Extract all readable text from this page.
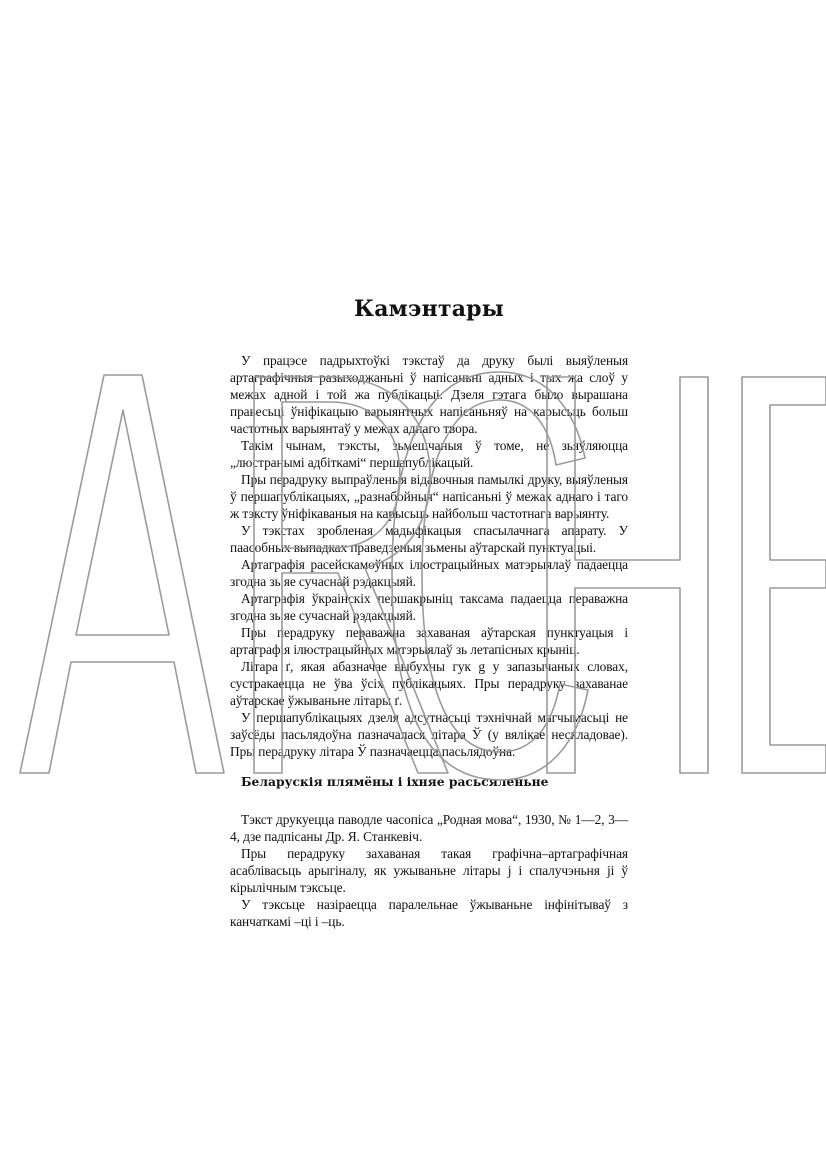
Камэнтары

У працэсе падрыхтоўкі тэкстаў да друку былі выяўленыя артаграфічныя разыходжаньні ў напісаньні адных і тых жа слоў у межах адной і той жа публікацыі. Дзеля гэтага было вырашана правесьці ўніфікацыю варыянтных напісаньняў на карысьць больш частотных варыянтаў у межах аднаго твора.

Такім чынам, тэксты, зьмешчаныя ў томе, не зьяўляюцца „люстранымі адбіткамі“ першапублікацый.

Пры перадруку выпраўленыя відавочныя памылкі друку, выяўленыя ў першапублікацыях, „разнабойныя“ напісаньні ў межах аднаго і таго ж тэксту ўніфікаваныя на карысьць найбольш частотнага варыянту.

У тэкстах зробленая мадыфікацыя спасылачнага апарату. У паасобных выпадках праведзеныя зьмены аўтарскай пунктуацыі.

Артаграфія расейскамоўных ілюстрацыйных матэрыялаў падаецца згодна зь яе сучаснай рэдакцыяй.

Артаграфія ўкраінскіх першакрыніц таксама падаецца пераважна згодна зь яе сучаснай рэдакцыяй.

Пры перадруку пераважна захаваная аўтарская пунктуацыя і артаграфія ілюстрацыйных матэрыялаў зь летапісных крыніц.

Літара ґ, якая абазначае выбухны гук g у запазычаных словах, сустракаецца не ўва ўсіх публікацыях. Пры перадруку захаванае аўтарскае ўжываньне літары ґ.

У першапублікацыях дзеля адсутнасьці тэхнічнай магчымасьці не заўсёды пасьлядоўна пазначалася літара Ў (у вялікае нескладовае). Пры перадруку літара Ў пазначаецца пасьлядоўна.

Беларускія плямёны і іхняе расьсяленьне

Тэкст друкуецца паводле часопіса „Родная мова“, 1930, № 1—2, 3—4, дзе падпісаны Др. Я. Станкевіч.

Пры перадруку захаваная такая графічна–артаграфічная асаблівасьць арыгіналу, як ужываньне літары j і спалучэньня ji ў кірылічным тэксьце.

У тэксьце назіраецца паралельнае ўжываньне інфінітываў з канчаткамі –ці і –ць.
